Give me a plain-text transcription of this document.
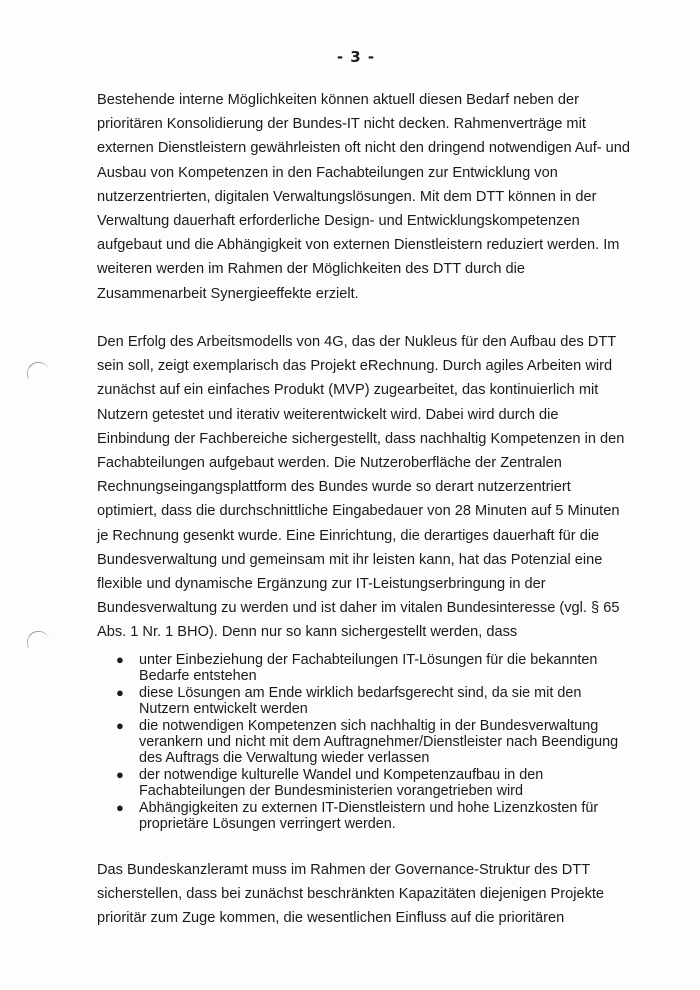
- 3 -

Bestehende interne Möglichkeiten können aktuell diesen Bedarf neben der
prioritären Konsolidierung der Bundes-IT nicht decken. Rahmenverträge mit
externen Dienstleistern gewährleisten oft nicht den dringend notwendigen Auf- und
Ausbau von Kompetenzen in den Fachabteilungen zur Entwicklung von
nutzerzentrierten, digitalen Verwaltungslösungen. Mit dem DTT können in der
Verwaltung dauerhaft erforderliche Design- und Entwicklungskompetenzen
aufgebaut und die Abhängigkeit von externen Dienstleistern reduziert werden. Im
weiteren werden im Rahmen der Möglichkeiten des DTT durch die
Zusammenarbeit Synergieeffekte erzielt.

Den Erfolg des Arbeitsmodells von 4G, das der Nukleus für den Aufbau des DTT
sein soll, zeigt exemplarisch das Projekt eRechnung. Durch agiles Arbeiten wird
zunächst auf ein einfaches Produkt (MVP) zugearbeitet, das kontinuierlich mit
Nutzern getestet und iterativ weiterentwickelt wird. Dabei wird durch die
Einbindung der Fachbereiche sichergestellt, dass nachhaltig Kompetenzen in den
Fachabteilungen aufgebaut werden. Die Nutzeroberfläche der Zentralen
Rechnungseingangsplattform des Bundes wurde so derart nutzerzentriert
optimiert, dass die durchschnittliche Eingabedauer von 28 Minuten auf 5 Minuten
je Rechnung gesenkt wurde. Eine Einrichtung, die derartiges dauerhaft für die
Bundesverwaltung und gemeinsam mit ihr leisten kann, hat das Potenzial eine
flexible und dynamische Ergänzung zur IT-Leistungserbringung in der
Bundesverwaltung zu werden und ist daher im vitalen Bundesinteresse (vgl. § 65
Abs. 1 Nr. 1 BHO). Denn nur so kann sichergestellt werden, dass

● unter Einbeziehung der Fachabteilungen IT-Lösungen für die bekannten
Bedarfe entstehen
● diese Lösungen am Ende wirklich bedarfsgerecht sind, da sie mit den
Nutzern entwickelt werden
● die notwendigen Kompetenzen sich nachhaltig in der Bundesverwaltung
verankern und nicht mit dem Auftragnehmer/Dienstleister nach Beendigung
des Auftrags die Verwaltung wieder verlassen
● der notwendige kulturelle Wandel und Kompetenzaufbau in den
Fachabteilungen der Bundesministerien vorangetrieben wird
● Abhängigkeiten zu externen IT-Dienstleistern und hohe Lizenzkosten für
proprietäre Lösungen verringert werden.

Das Bundeskanzleramt muss im Rahmen der Governance-Struktur des DTT
sicherstellen, dass bei zunächst beschränkten Kapazitäten diejenigen Projekte
prioritär zum Zuge kommen, die wesentlichen Einfluss auf die prioritären
